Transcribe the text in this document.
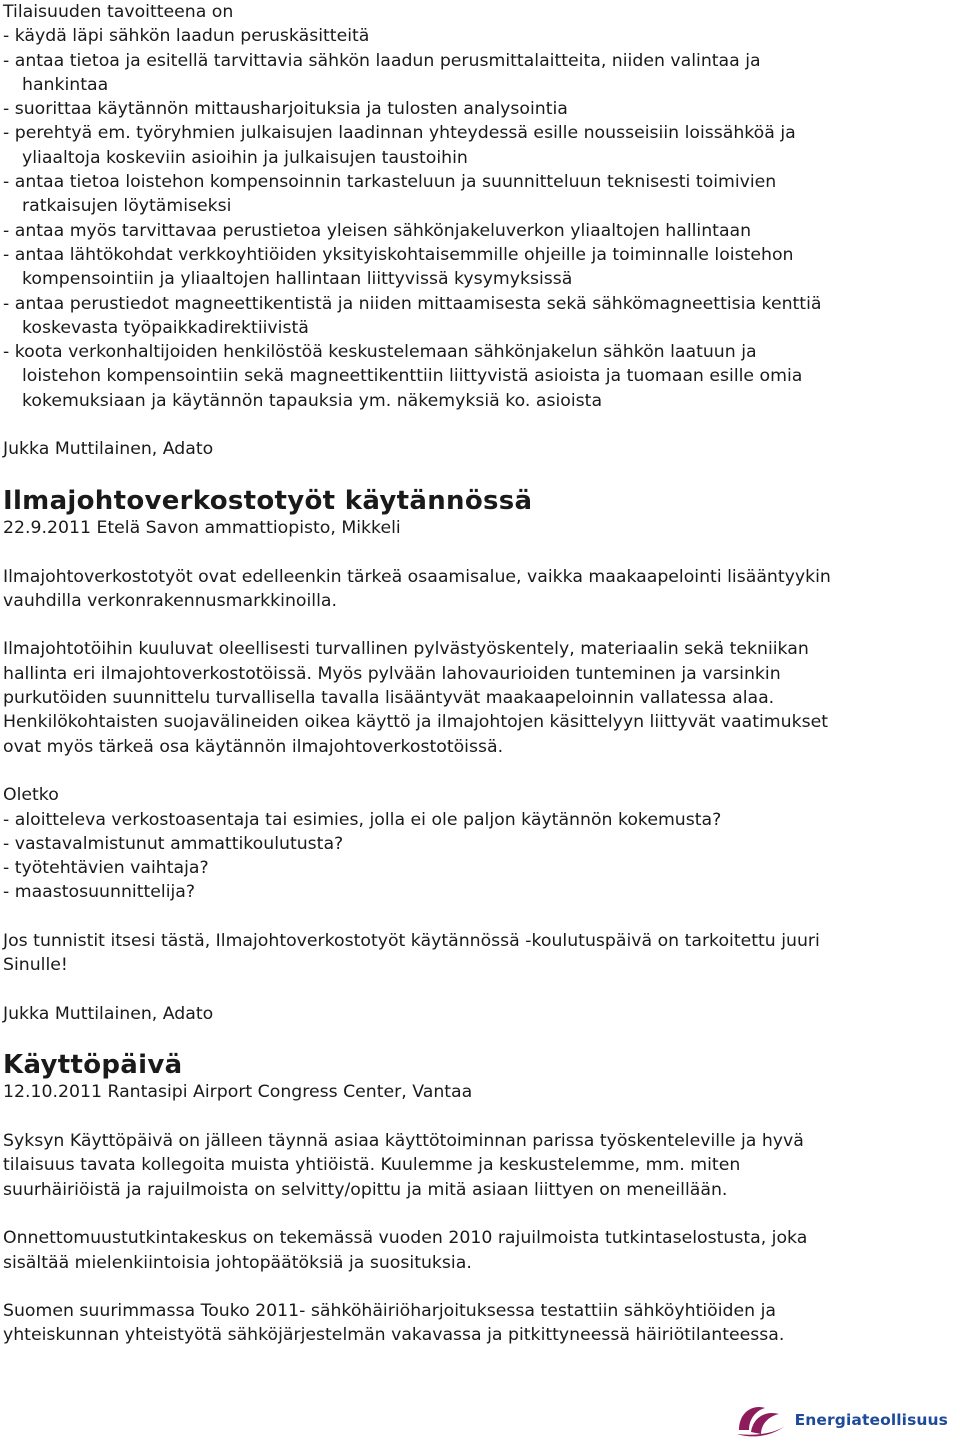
Tilaisuuden tavoitteena on

- käydä läpi sähkön laadun peruskäsitteitä

- antaa tietoa ja esitellä tarvittavia sähkön laadun perusmittalaitteita, niiden valintaa ja

hankintaa

- suorittaa käytännön mittausharjoituksia ja tulosten analysointia

- perehtyä em. työryhmien julkaisujen laadinnan yhteydessä esille nousseisiin loissähköä ja

yliaaltoja koskeviin asioihin ja julkaisujen taustoihin

- antaa tietoa loistehon kompensoinnin tarkasteluun ja suunnitteluun teknisesti toimivien

ratkaisujen löytämiseksi

- antaa myös tarvittavaa perustietoa yleisen sähkönjakeluverkon yliaaltojen hallintaan

- antaa lähtökohdat verkkoyhtiöiden yksityiskohtaisemmille ohjeille ja toiminnalle loistehon

kompensointiin ja yliaaltojen hallintaan liittyvissä kysymyksissä

- antaa perustiedot magneettikentistä ja niiden mittaamisesta sekä sähkömagneettisia kenttiä

koskevasta työpaikkadirektiivistä

- koota verkonhaltijoiden henkilöstöä keskustelemaan sähkönjakelun sähkön laatuun ja

loistehon kompensointiin sekä magneettikenttiin liittyvistä asioista ja tuomaan esille omia

kokemuksiaan ja käytännön tapauksia ym. näkemyksiä ko. asioista

Jukka Muttilainen, Adato

Ilmajohtoverkostotyöt käytännössä

22.9.2011 Etelä Savon ammattiopisto, Mikkeli

Ilmajohtoverkostotyöt ovat edelleenkin tärkeä osaamisalue, vaikka maakaapelointi lisääntyykin

vauhdilla verkonrakennusmarkkinoilla.

Ilmajohtotöihin kuuluvat oleellisesti turvallinen pylvästyöskentely, materiaalin sekä tekniikan

hallinta eri ilmajohtoverkostotöissä. Myös pylvään lahovaurioiden tunteminen ja varsinkin

purkutöiden suunnittelu turvallisella tavalla lisääntyvät maakaapeloinnin vallatessa alaa.

Henkilökohtaisten suojavälineiden oikea käyttö ja ilmajohtojen käsittelyyn liittyvät vaatimukset

ovat myös tärkeä osa käytännön ilmajohtoverkostotöissä.

Oletko

- aloitteleva verkostoasentaja tai esimies, jolla ei ole paljon käytännön kokemusta?

- vastavalmistunut ammattikoulutusta?

- työtehtävien vaihtaja?

- maastosuunnittelija?

Jos tunnistit itsesi tästä, Ilmajohtoverkostotyöt käytännössä -koulutuspäivä on tarkoitettu juuri

Sinulle!

Jukka Muttilainen, Adato

Käyttöpäivä

12.10.2011 Rantasipi Airport Congress Center, Vantaa

Syksyn Käyttöpäivä on jälleen täynnä asiaa käyttötoiminnan parissa työskenteleville ja hyvä

tilaisuus tavata kollegoita muista yhtiöistä. Kuulemme ja keskustelemme, mm. miten

suurhäiriöistä ja rajuilmoista on selvitty/opittu ja mitä asiaan liittyen on meneillään.

Onnettomuustutkintakeskus on tekemässä vuoden 2010 rajuilmoista tutkintaselostusta, joka

sisältää mielenkiintoisia johtopäätöksiä ja suosituksia.

Suomen suurimmassa Touko 2011- sähköhäiriöharjoituksessa testattiin sähköyhtiöiden ja

yhteiskunnan yhteistyötä sähköjärjestelmän vakavassa ja pitkittyneessä häiriötilanteessa.

Energiateollisuus
